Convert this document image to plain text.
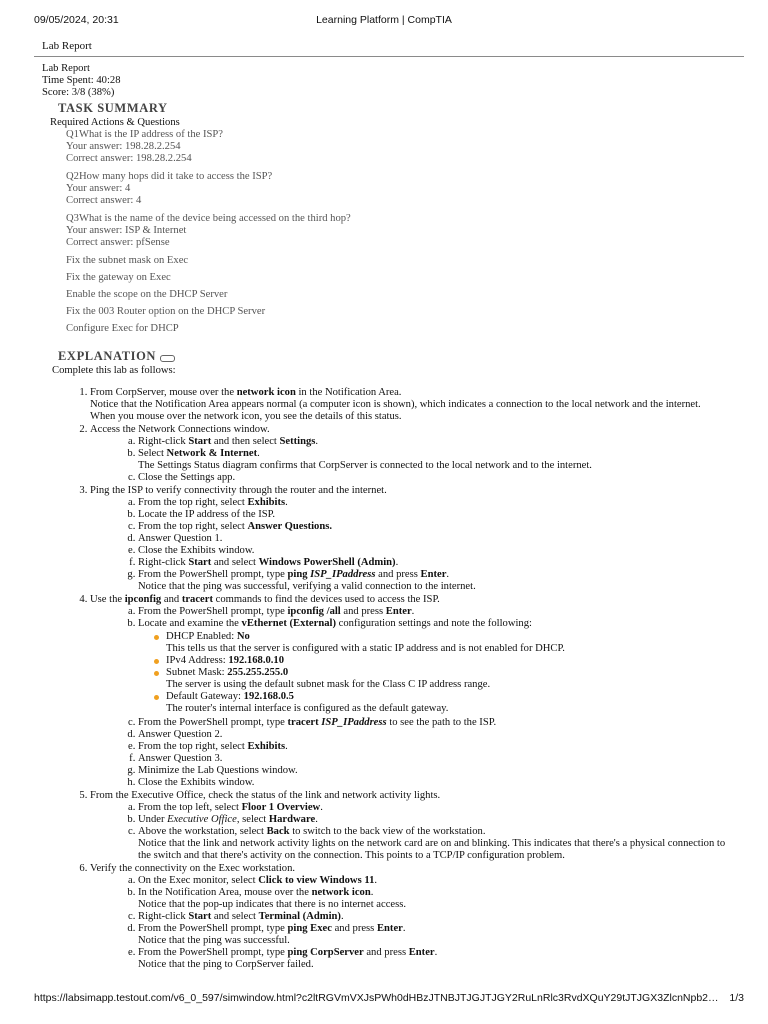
09/05/2024, 20:31	Learning Platform | CompTIA
Lab Report
Lab Report
Time Spent: 40:28
Score: 3/8 (38%)
TASK SUMMARY
Required Actions & Questions
Q1What is the IP address of the ISP?
Your answer: 198.28.2.254
Correct answer: 198.28.2.254
Q2How many hops did it take to access the ISP?
Your answer: 4
Correct answer: 4
Q3What is the name of the device being accessed on the third hop?
Your answer: ISP & Internet
Correct answer: pfSense
Fix the subnet mask on Exec
Fix the gateway on Exec
Enable the scope on the DHCP Server
Fix the 003 Router option on the DHCP Server
Configure Exec for DHCP
EXPLANATION
Complete this lab as follows:
1. From CorpServer, mouse over the network icon in the Notification Area.
Notice that the Notification Area appears normal (a computer icon is shown), which indicates a connection to the local network and the internet. When you mouse over the network icon, you see the details of this status.
2. Access the Network Connections window.
a. Right-click Start and then select Settings.
b. Select Network & Internet.
The Settings Status diagram confirms that CorpServer is connected to the local network and to the internet.
c. Close the Settings app.
3. Ping the ISP to verify connectivity through the router and the internet.
a. From the top right, select Exhibits.
b. Locate the IP address of the ISP.
c. From the top right, select Answer Questions.
d. Answer Question 1.
e. Close the Exhibits window.
f. Right-click Start and select Windows PowerShell (Admin).
g. From the PowerShell prompt, type ping ISP_IPaddress and press Enter.
Notice that the ping was successful, verifying a valid connection to the internet.
4. Use the ipconfig and tracert commands to find the devices used to access the ISP.
a. From the PowerShell prompt, type ipconfig /all and press Enter.
b. Locate and examine the vEthernet (External) configuration settings and note the following:
DHCP Enabled: No
This tells us that the server is configured with a static IP address and is not enabled for DHCP.
IPv4 Address: 192.168.0.10
Subnet Mask: 255.255.255.0
The server is using the default subnet mask for the Class C IP address range.
Default Gateway: 192.168.0.5
The router's internal interface is configured as the default gateway.
c. From the PowerShell prompt, type tracert ISP_IPaddress to see the path to the ISP.
d. Answer Question 2.
e. From the top right, select Exhibits.
f. Answer Question 3.
g. Minimize the Lab Questions window.
h. Close the Exhibits window.
5. From the Executive Office, check the status of the link and network activity lights.
a. From the top left, select Floor 1 Overview.
b. Under Executive Office, select Hardware.
c. Above the workstation, select Back to switch to the back view of the workstation.
Notice that the link and network activity lights on the network card are on and blinking. This indicates that there's a physical connection to the switch and that there's activity on the connection. This points to a TCP/IP configuration problem.
6. Verify the connectivity on the Exec workstation.
a. On the Exec monitor, select Click to view Windows 11.
b. In the Notification Area, mouse over the network icon.
Notice that the pop-up indicates that there is no internet access.
c. Right-click Start and select Terminal (Admin).
d. From the PowerShell prompt, type ping Exec and press Enter.
Notice that the ping was successful.
e. From the PowerShell prompt, type ping CorpServer and press Enter.
Notice that the ping to CorpServer failed.
https://labsimapp.testout.com/v6_0_597/simwindow.html?c2ltRGVmVXJsPWh0dHBzJTNBJTJGJTJGY2RuLnRlc3RvdXQuY29tJTJGX3ZlcnNpb2… 1/3
